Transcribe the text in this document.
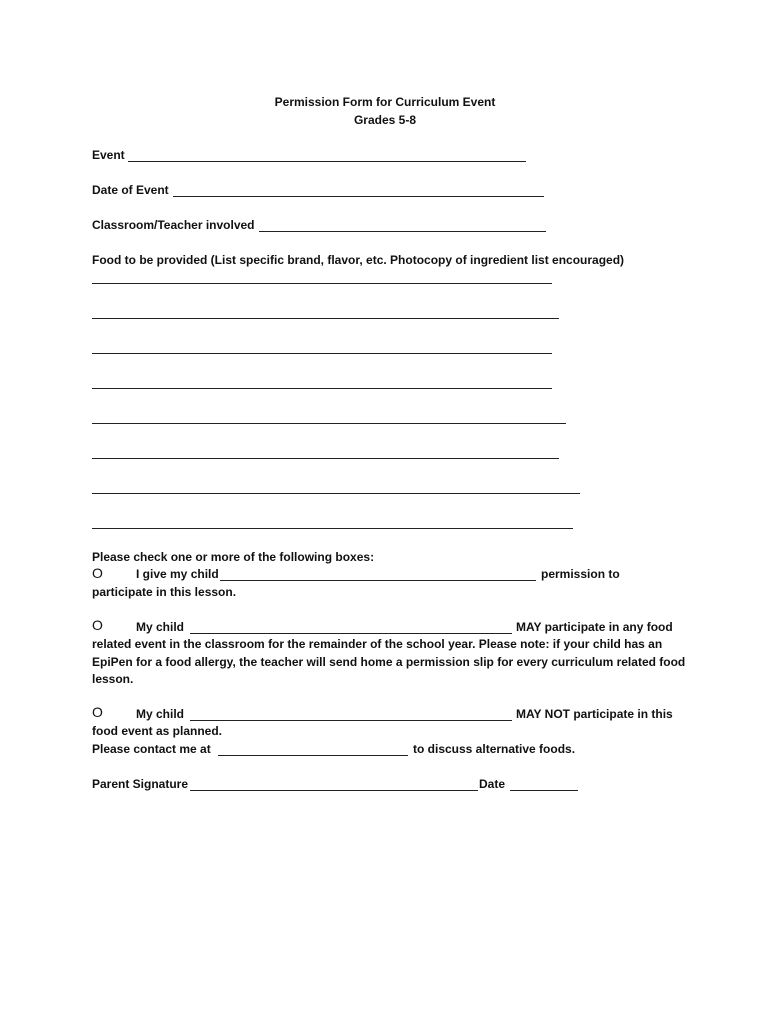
Permission Form for Curriculum Event
Grades 5-8
Event
Date of Event
Classroom/Teacher involved
Food to be provided (List specific brand, flavor, etc. Photocopy of ingredient list encouraged)
Please check one or more of the following boxes:
O	I give my child	permission to
participate in this lesson.
O	My child	MAY participate in any food
related event in the classroom for the remainder of the school year. Please note: if your child has an
EpiPen for a food allergy, the teacher will send home a permission slip for every curriculum related food
lesson.
O	My child	MAY NOT participate in this
food event as planned.
Please contact me at	to discuss alternative foods.
Parent Signature	Date
